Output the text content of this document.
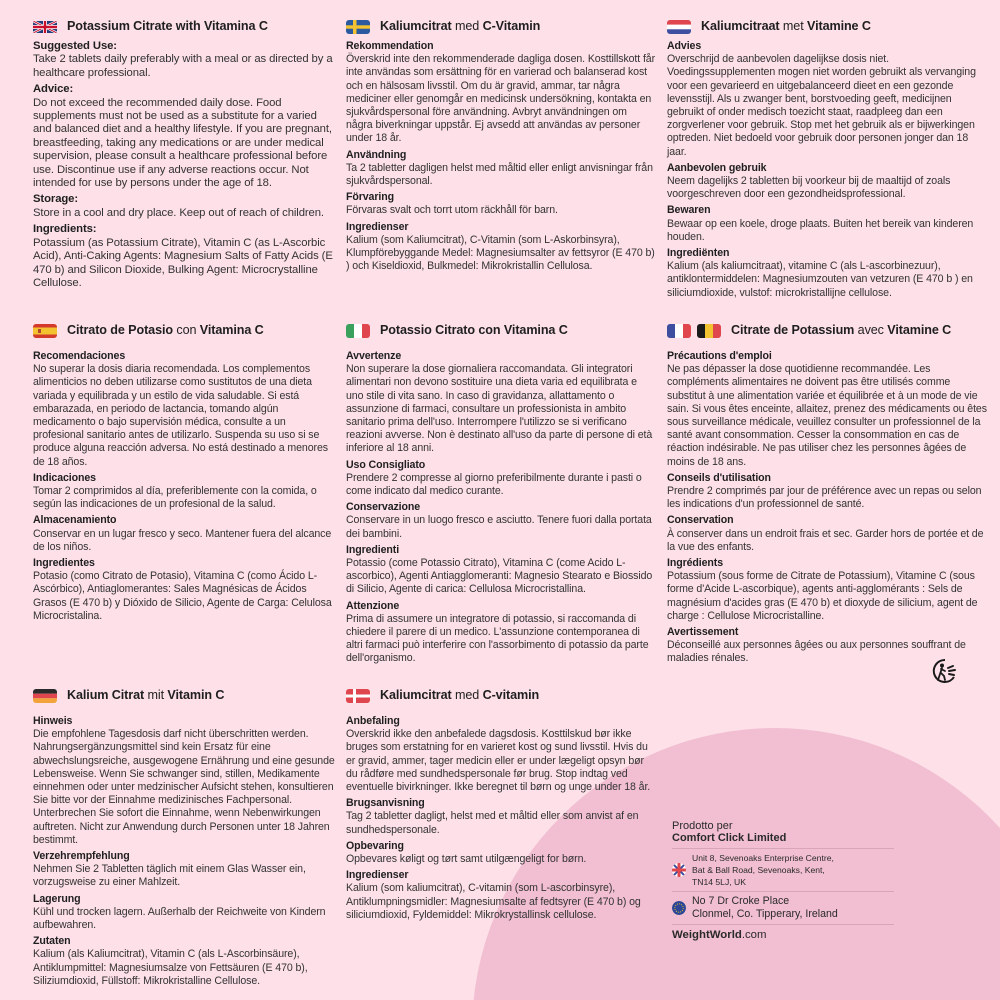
Potassium Citrate with Vitamina C
Suggested Use:
Take 2 tablets daily preferably with a meal or as directed by a healthcare professional.
Advice:
Do not exceed the recommended daily dose. Food supplements must not be used as a substitute for a varied and balanced diet and a healthy lifestyle. If you are pregnant, breastfeeding, taking any medications or are under medical supervision, please consult a healthcare professional before use. Discontinue use if any adverse reactions occur. Not intended for use by persons under the age of 18.
Storage:
Store in a cool and dry place. Keep out of reach of children.
Ingredients:
Potassium (as Potassium Citrate), Vitamin C (as L-Ascorbic Acid), Anti-Caking Agents: Magnesium Salts of Fatty Acids (E 470 b) and Silicon Dioxide, Bulking Agent: Microcrystalline Cellulose.
Kaliumcitrat med C-Vitamin
Rekommendation
Överskrid inte den rekommenderade dagliga dosen. Kosttillskott får inte användas som ersättning för en varierad och balanserad kost och en hälsosam livsstil. Om du är gravid, ammar, tar några mediciner eller genomgår en medicinsk undersökning, kontakta en sjukvårdspersonal före användning. Avbryt användningen om några biverkningar uppstår. Ej avsedd att användas av personer under 18 år.
Användning
Ta 2 tabletter dagligen helst med måltid eller enligt anvisningar från sjukvårdspersonal.
Förvaring
Förvaras svalt och torrt utom räckhåll för barn.
Ingredienser
Kalium (som Kaliumcitrat), C-Vitamin (som L-Askorbinsyra), Klumpförebyggande Medel: Magnesiumsalter av fettsyror (E 470 b) ) och Kiseldioxid, Bulkmedel: Mikrokristallin Cellulosa.
Kaliumcitraat met Vitamine C
Advies
Overschrijd de aanbevolen dagelijkse dosis niet. Voedingssupplementen mogen niet worden gebruikt als vervanging voor een gevarieerd en uitgebalanceerd dieet en een gezonde levensstijl. Als u zwanger bent, borstvoeding geeft, medicijnen gebruikt of onder medisch toezicht staat, raadpleeg dan een zorgverlener voor gebruik. Stop met het gebruik als er bijwerkingen optreden. Niet bedoeld voor gebruik door personen jonger dan 18 jaar.
Aanbevolen gebruik
Neem dagelijks 2 tabletten bij voorkeur bij de maaltijd of zoals voorgeschreven door een gezondheidsprofessional.
Bewaren
Bewaar op een koele, droge plaats. Buiten het bereik van kinderen houden.
Ingrediënten
Kalium (als kaliumcitraat), vitamine C (als L-ascorbinezuur), antiklontermiddelen: Magnesiumzouten van vetzuren (E 470 b ) en siliciumdioxide, vulstof: microkristallijne cellulose.
Citrato de Potasio con Vitamina C
Recomendaciones
No superar la dosis diaria recomendada. Los complementos alimenticios no deben utilizarse como sustitutos de una dieta variada y equilibrada y un estilo de vida saludable. Si está embarazada, en periodo de lactancia, tomando algún medicamento o bajo supervisión médica, consulte a un profesional sanitario antes de utilizarlo. Suspenda su uso si se produce alguna reacción adversa. No está destinado a menores de 18 años.
Indicaciones
Tomar 2 comprimidos al día, preferiblemente con la comida, o según las indicaciones de un profesional de la salud.
Almacenamiento
Conservar en un lugar fresco y seco. Mantener fuera del alcance de los niños.
Ingredientes
Potasio (como Citrato de Potasio), Vitamina C (como Ácido L-Ascórbico), Antiaglomerantes: Sales Magnésicas de Ácidos Grasos (E 470 b) y Dióxido de Silicio, Agente de Carga: Celulosa Microcristalina.
Potassio Citrato con Vitamina C
Avvertenze
Non superare la dose giornaliera raccomandata. Gli integratori alimentari non devono sostituire una dieta varia ed equilibrata e uno stile di vita sano. In caso di gravidanza, allattamento o assunzione di farmaci, consultare un professionista in ambito sanitario prima dell'uso. Interrompere l'utilizzo se si verificano reazioni avverse. Non è destinato all'uso da parte di persone di età inferiore al 18 anni.
Uso Consigliato
Prendere 2 compresse al giorno preferibilmente durante i pasti o come indicato dal medico curante.
Conservazione
Conservare in un luogo fresco e asciutto. Tenere fuori dalla portata dei bambini.
Ingredienti
Potassio (come Potassio Citrato), Vitamina C (come Acido L-ascorbico), Agenti Antiagglomeranti: Magnesio Stearato e Biossido di Silicio, Agente di carica: Cellulosa Microcristallina.
Attenzione
Prima di assumere un integratore di potassio, si raccomanda di chiedere il parere di un medico. L'assunzione contemporanea di altri farmaci può interferire con l'assorbimento di potassio da parte dell'organismo.
Citrate de Potassium avec Vitamine C
Précautions d'emploi
Ne pas dépasser la dose quotidienne recommandée. Les compléments alimentaires ne doivent pas être utilisés comme substitut à une alimentation variée et équilibrée et à un mode de vie sain. Si vous êtes enceinte, allaitez, prenez des médicaments ou êtes sous surveillance médicale, veuillez consulter un professionnel de la santé avant consommation. Cesser la consommation en cas de réaction indésirable. Ne pas utiliser chez les personnes âgées de moins de 18 ans.
Conseils d'utilisation
Prendre 2 comprimés par jour de préférence avec un repas ou selon les indications d'un professionnel de santé.
Conservation
À conserver dans un endroit frais et sec. Garder hors de portée et de la vue des enfants.
Ingrédients
Potassium (sous forme de Citrate de Potassium), Vitamine C (sous forme d'Acide L-ascorbique), agents anti-agglomérants : Sels de magnésium d'acides gras (E 470 b) et dioxyde de silicium, agent de charge : Cellulose Microcristalline.
Avertissement
Déconseillé aux personnes âgées ou aux personnes souffrant de maladies rénales.
Kalium Citrat mit Vitamin C
Hinweis
Die empfohlene Tagesdosis darf nicht überschritten werden. Nahrungsergänzungsmittel sind kein Ersatz für eine abwechslungsreiche, ausgewogene Ernährung und eine gesunde Lebensweise. Wenn Sie schwanger sind, stillen, Medikamente einnehmen oder unter medzinischer Aufsicht stehen, konsultieren Sie bitte vor der Einnahme medizinisches Fachpersonal. Unterbrechen Sie sofort die Einnahme, wenn Nebenwirkungen auftreten. Nicht zur Anwendung durch Personen unter 18 Jahren bestimmt.
Verzehrempfehlung
Nehmen Sie 2 Tabletten täglich mit einem Glas Wasser ein, vorzugsweise zu einer Mahlzeit.
Lagerung
Kühl und trocken lagern. Außerhalb der Reichweite von Kindern aufbewahren.
Zutaten
Kalium (als Kaliumcitrat), Vitamin C (als L-Ascorbinsäure), Antiklumpmittel: Magnesiumsalze von Fettsäuren (E 470 b), Siliziumdioxid, Füllstoff: Mikrokristalline Cellulose.
Kaliumcitrat med C-vitamin
Anbefaling
Overskrid ikke den anbefalede dagsdosis. Kosttilskud bør ikke bruges som erstatning for en varieret kost og sund livsstil. Hvis du er gravid, ammer, tager medicin eller er under lægeligt opsyn bør du rådføre med sundhedspersonale før brug. Stop indtag ved eventuelle bivirkninger. Ikke beregnet til børn og unge under 18 år.
Brugsanvisning
Tag 2 tabletter dagligt, helst med et måltid eller som anvist af en sundhedspersonale.
Opbevaring
Opbevares køligt og tørt samt utilgængeligt for børn.
Ingredienser
Kalium (som kaliumcitrat), C-vitamin (som L-ascorbinsyre), Antiklumpningsmidler: Magnesiumsalte af fedtsyrer (E 470 b) og siliciumdioxid, Fyldemiddel: Mikrokrystallinsk cellulose.
Prodotto per
Comfort Click Limited
Unit 8, Sevenoaks Enterprise Centre,
Bat & Ball Road, Sevenoaks, Kent,
TN14 5LJ, UK
No 7 Dr Croke Place
Clonmel, Co. Tipperary, Ireland
WeightWorld.com
